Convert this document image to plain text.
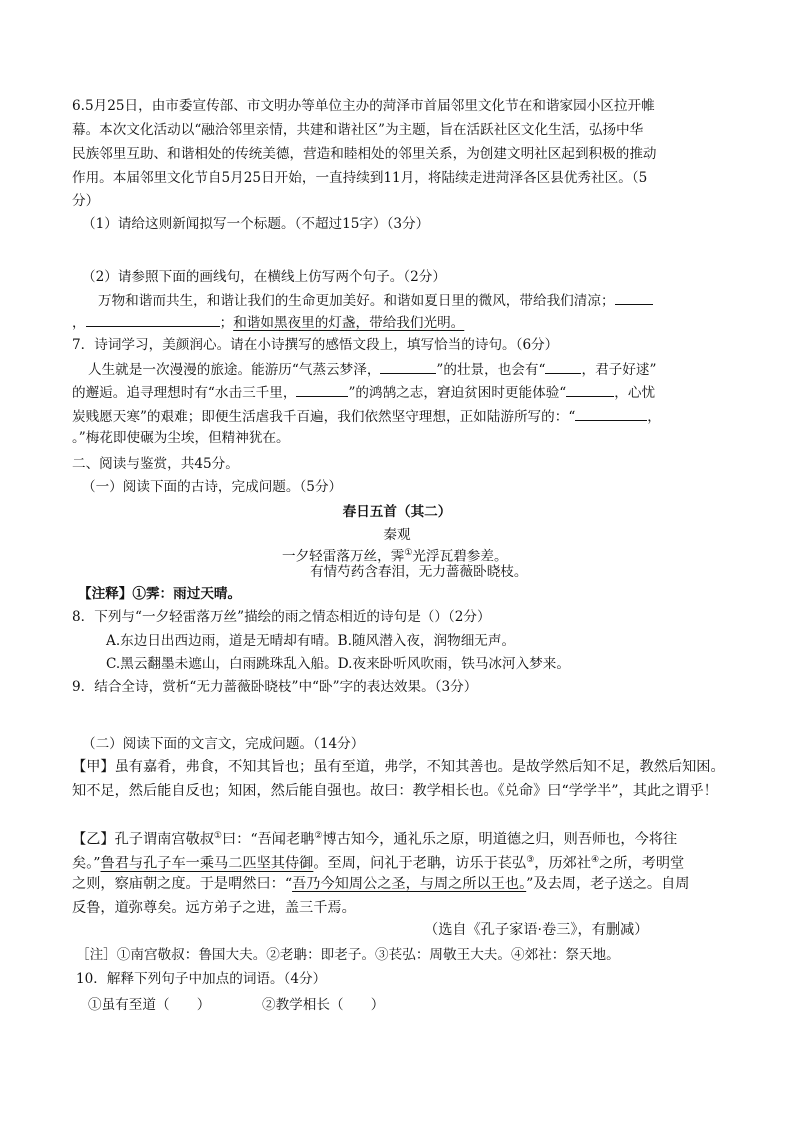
6.5月25日，由市委宣传部、市文明办等单位主办的菏泽市首届邻里文化节在和谐家园小区拉开帷
幕。本次文化活动以“融洽邻里亲情，共建和谐社区”为主题，旨在活跃社区文化生活，弘扬中华
民族邻里互助、和谐相处的传统美德，营造和睦相处的邻里关系，为创建文明社区起到积极的推动
作用。本届邻里文化节自5月25日开始，一直持续到11月，将陆续走进菏泽各区县优秀社区。（5
分）
（1）请给这则新闻拟写一个标题。（不超过15字）（3分）
（2）请参照下面的画线句，在横线上仿写两个句子。（2分）
万物和谐而共生，和谐让我们的生命更加美好。和谐如夏日里的微风，带给我们清凉；
，	；和谐如黑夜里的灯盏，带给我们光明。
7．诗词学习，美颜润心。请在小诗撰写的感悟文段上，填写恰当的诗句。（6分）
人生就是一次漫漫的旅途。能游历“气蒸云梦泽，	”的壮景，也会有“	，君子好逑”
的邂逅。追寻理想时有“水击三千里，	”的鸿鹄之志，窘迫贫困时更能体验“	，心忧
炭贱愿天寒”的艰难；即便生活虐我千百遍，我们依然坚守理想，正如陆游所写的：“	，
。”梅花即使碾为尘埃，但精神犹在。
二、阅读与鉴赏，共45分。
（一）阅读下面的古诗，完成问题。（5分）
春日五首（其二）
秦观
一夕轻雷落万丝，霁①光浮瓦碧参差。
有情芍药含春泪，无力蔷薇卧晓枝。
【注释】①霁：雨过天晴。
8．下列与“一夕轻雷落万丝”描绘的雨之情态相近的诗句是（）（2分）
A.东边日出西边雨，道是无晴却有晴。B.随风潜入夜，润物细无声。
C.黑云翻墨未遮山，白雨跳珠乱入船。D.夜来卧听风吹雨，铁马冰河入梦来。
9．结合全诗，赏析“无力蔷薇卧晓枝”中“卧”字的表达效果。（3分）
（二）阅读下面的文言文，完成问题。（14分）
【甲】虽有嘉肴，弗食，不知其旨也；虽有至道，弗学，不知其善也。是故学然后知不足，教然后知困。
知不足，然后能自反也；知困，然后能自强也。故曰：教学相长也。《兑命》曰“学学半”，其此之谓乎！
【乙】孔子谓南宫敬叔①曰：“吾闻老聃②博古知今，通礼乐之原，明道德之归，则吾师也，今将往
矣。”鲁君与孔子车一乘马二匹坚其侍御。至周，问礼于老聃，访乐于苌弘③，历郊社④之所，考明堂
之则，察庙朝之度。于是喟然曰：“吾乃今知周公之圣，与周之所以王也。”及去周，老子送之。自周
反鲁，道弥尊矣。远方弟子之进，盖三千焉。
（选自《孔子家语·卷三》，有删减）
［注］①南宫敬叔：鲁国大夫。②老聃：即老子。③苌弘：周敬王大夫。④郊社：祭天地。
10．解释下列句子中加点的词语。（4分）
①虽有至道（　　）	②教学相长（　　）
